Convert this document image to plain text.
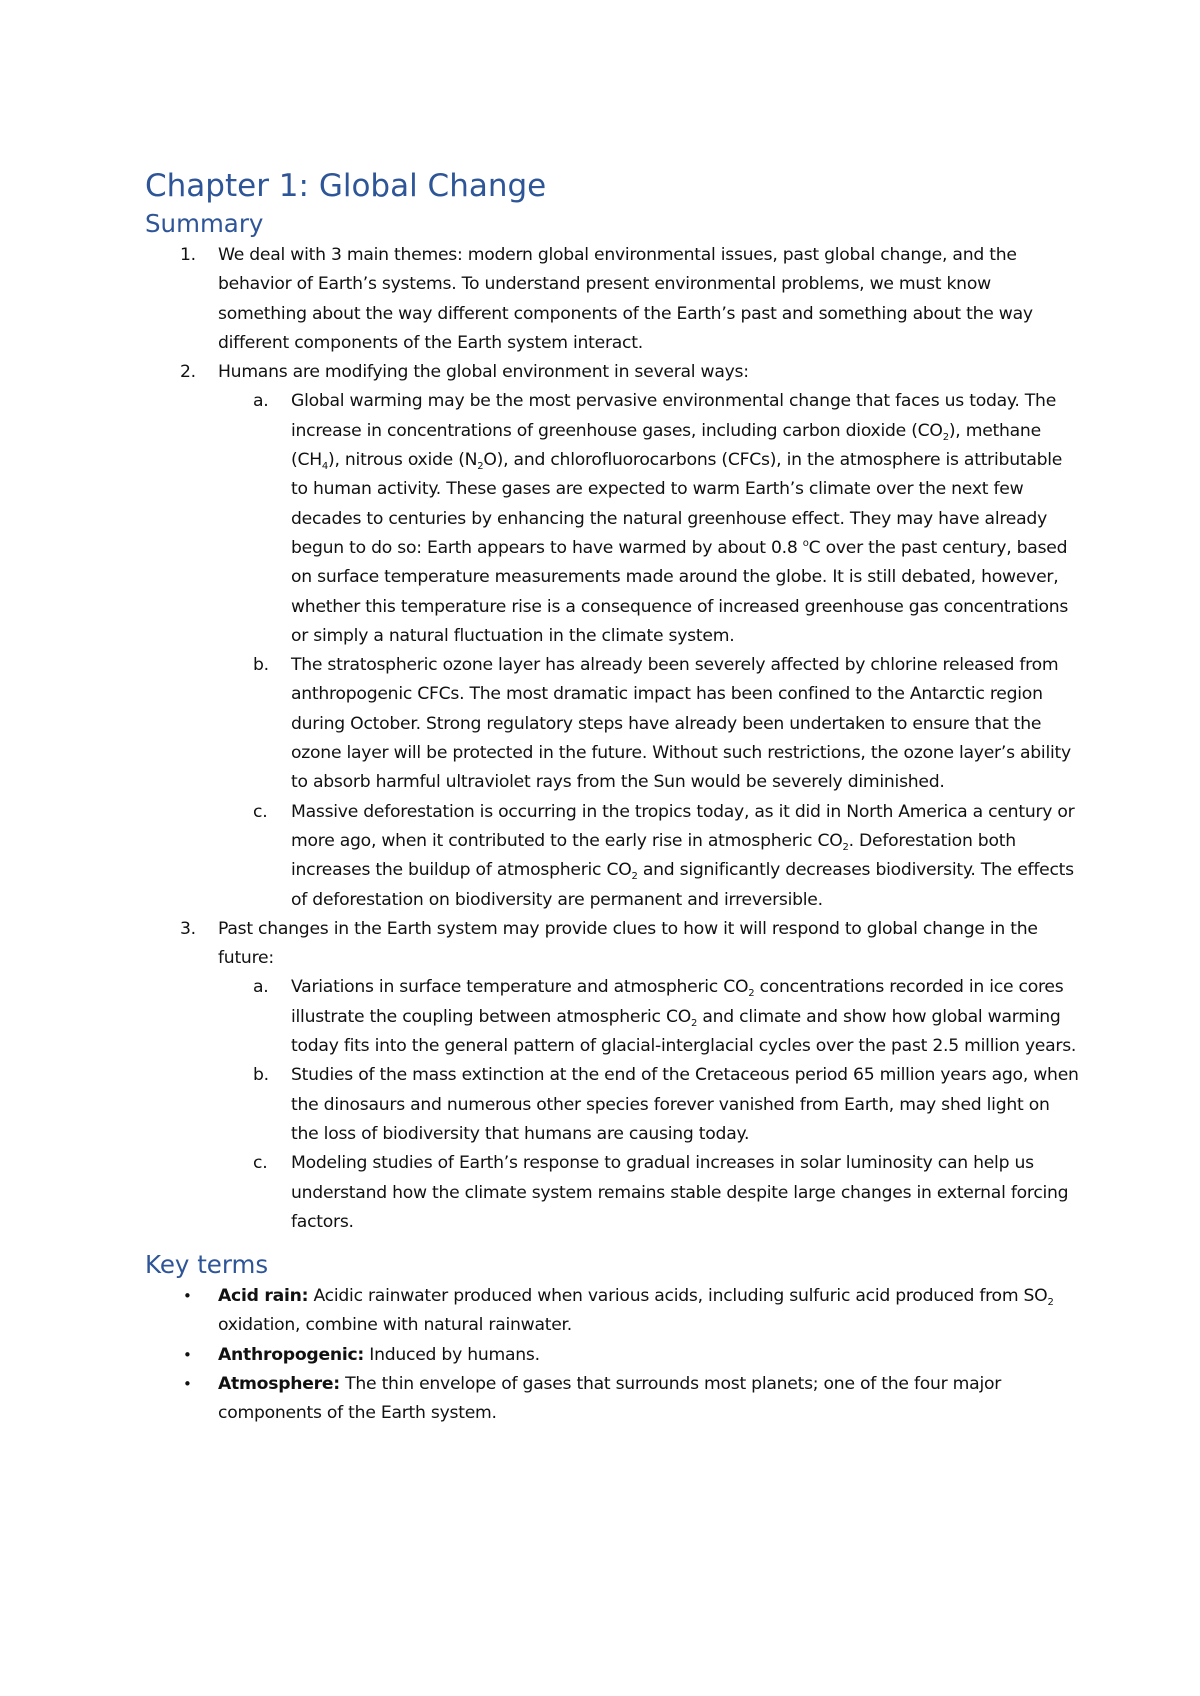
Chapter 1: Global Change
Summary
1. We deal with 3 main themes: modern global environmental issues, past global change, and the behavior of Earth’s systems. To understand present environmental problems, we must know something about the way different components of the Earth’s past and something about the way different components of the Earth system interact.
2. Humans are modifying the global environment in several ways:
a. Global warming may be the most pervasive environmental change that faces us today. The increase in concentrations of greenhouse gases, including carbon dioxide $(CO_2)$, methane $(CH_4)$, nitrous oxide $(N_2O)$, and chlorofluorocarbons (CFCs), in the atmosphere is attributable to human activity. These gases are expected to warm Earth’s climate over the next few decades to centuries by enhancing the natural greenhouse effect. They may have already begun to do so: Earth appears to have warmed by about 0.8 $^o$C over the past century, based on surface temperature measurements made around the globe. It is still debated, however, whether this temperature rise is a consequence of increased greenhouse gas concentrations or simply a natural fluctuation in the climate system.
b. The stratospheric ozone layer has already been severely affected by chlorine released from anthropogenic CFCs. The most dramatic impact has been confined to the Antarctic region during October. Strong regulatory steps have already been undertaken to ensure that the ozone layer will be protected in the future. Without such restrictions, the ozone layer’s ability to absorb harmful ultraviolet rays from the Sun would be severely diminished.
c. Massive deforestation is occurring in the tropics today, as it did in North America a century or more ago, when it contributed to the early rise in atmospheric $CO_2$. Deforestation both increases the buildup of atmospheric $CO_2$ and significantly decreases biodiversity. The effects of deforestation on biodiversity are permanent and irreversible.
3. Past changes in the Earth system may provide clues to how it will respond to global change in the future:
a. Variations in surface temperature and atmospheric $CO_2$ concentrations recorded in ice cores illustrate the coupling between atmospheric $CO_2$ and climate and show how global warming today fits into the general pattern of glacial-interglacial cycles over the past 2.5 million years.
b. Studies of the mass extinction at the end of the Cretaceous period 65 million years ago, when the dinosaurs and numerous other species forever vanished from Earth, may shed light on the loss of biodiversity that humans are causing today.
c. Modeling studies of Earth’s response to gradual increases in solar luminosity can help us understand how the climate system remains stable despite large changes in external forcing factors.
Key terms
• Acid rain: Acidic rainwater produced when various acids, including sulfuric acid produced from $SO_2$ oxidation, combine with natural rainwater.
• Anthropogenic: Induced by humans.
• Atmosphere: The thin envelope of gases that surrounds most planets; one of the four major components of the Earth system.
